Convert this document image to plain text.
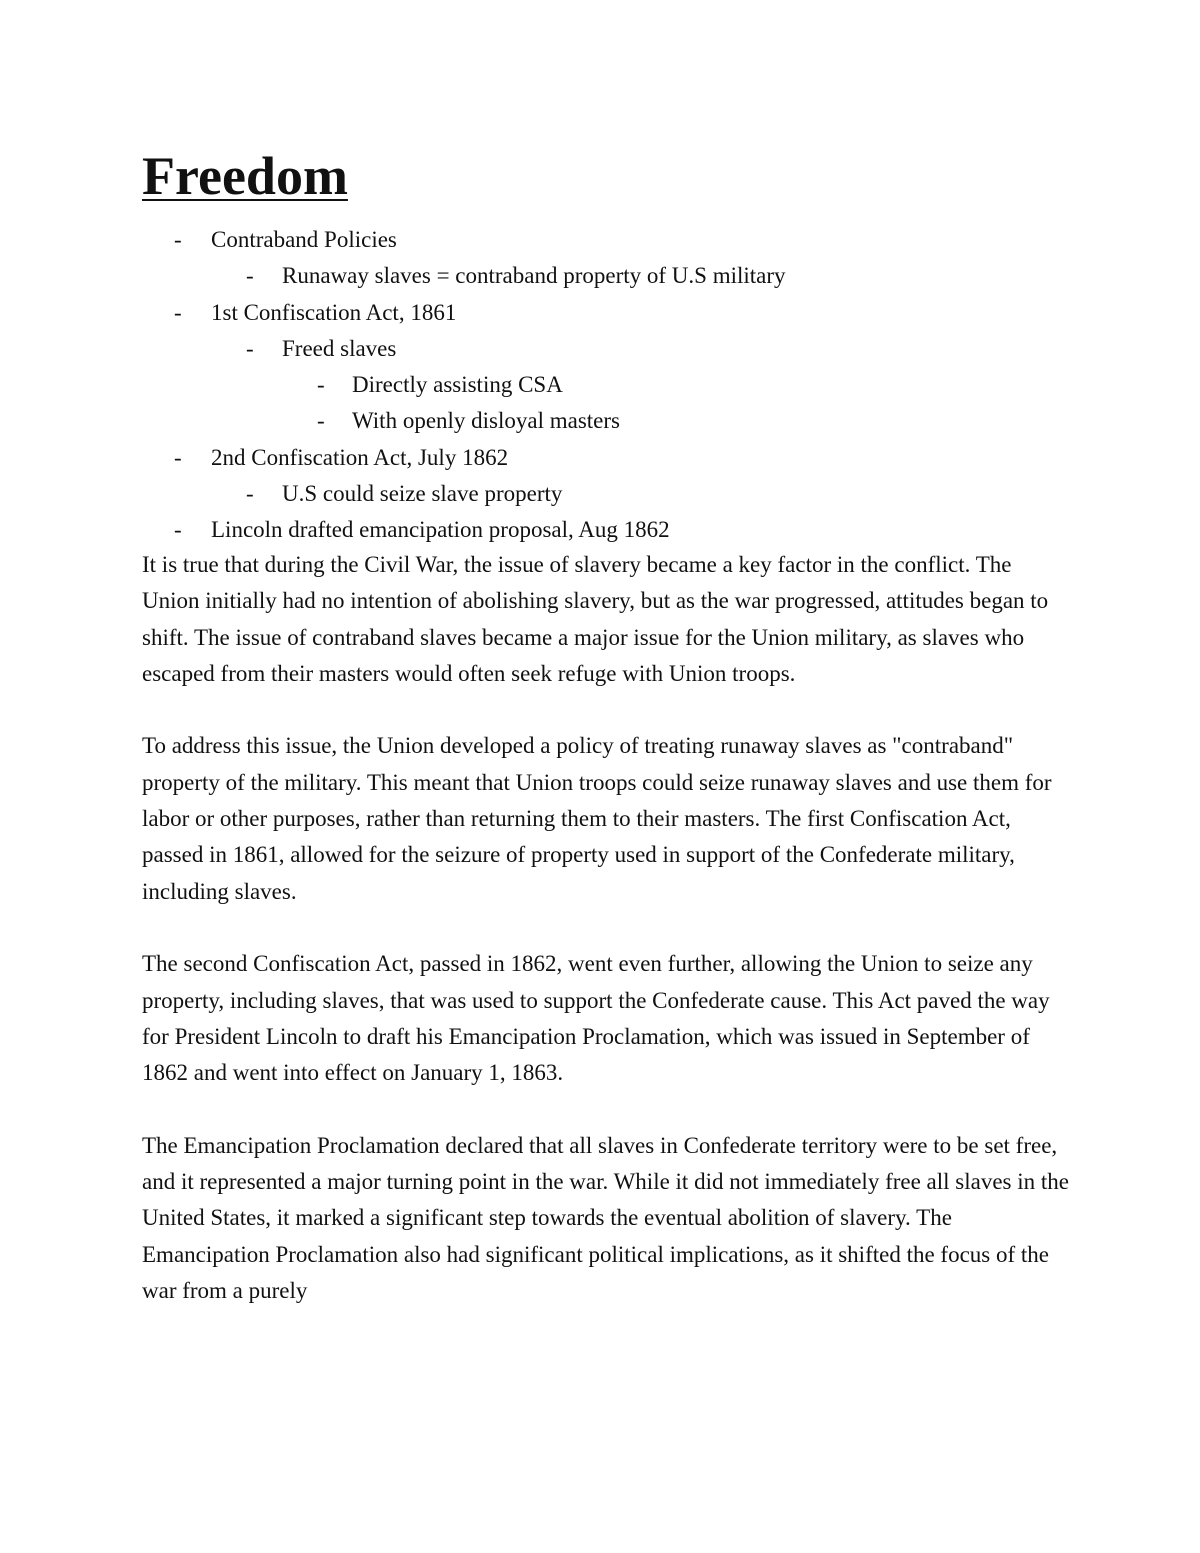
Freedom
- Contraband Policies
- Runaway slaves = contraband property of U.S military
- 1st Confiscation Act, 1861
- Freed slaves
- Directly assisting CSA
- With openly disloyal masters
- 2nd Confiscation Act, July 1862
- U.S could seize slave property
- Lincoln drafted emancipation proposal, Aug 1862

It is true that during the Civil War, the issue of slavery became a key factor in the conflict. The Union initially had no intention of abolishing slavery, but as the war progressed, attitudes began to shift. The issue of contraband slaves became a major issue for the Union military, as slaves who escaped from their masters would often seek refuge with Union troops.

To address this issue, the Union developed a policy of treating runaway slaves as "contraband" property of the military. This meant that Union troops could seize runaway slaves and use them for labor or other purposes, rather than returning them to their masters. The first Confiscation Act, passed in 1861, allowed for the seizure of property used in support of the Confederate military, including slaves.

The second Confiscation Act, passed in 1862, went even further, allowing the Union to seize any property, including slaves, that was used to support the Confederate cause. This Act paved the way for President Lincoln to draft his Emancipation Proclamation, which was issued in September of 1862 and went into effect on January 1, 1863.

The Emancipation Proclamation declared that all slaves in Confederate territory were to be set free, and it represented a major turning point in the war. While it did not immediately free all slaves in the United States, it marked a significant step towards the eventual abolition of slavery. The Emancipation Proclamation also had significant political implications, as it shifted the focus of the war from a purely
